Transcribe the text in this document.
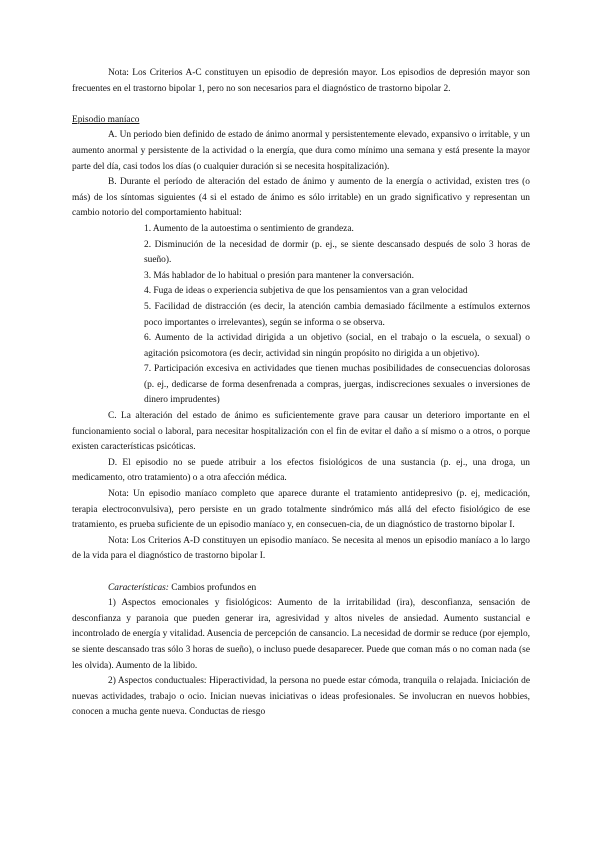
Nota: Los Criterios A-C constituyen un episodio de depresión mayor. Los episodios de depresión mayor son frecuentes en el trastorno bipolar 1, pero no son necesarios para el diagnóstico de trastorno bipolar 2.

Episodio maníaco

A. Un periodo bien definido de estado de ánimo anormal y persistentemente elevado, expansivo o irritable, y un aumento anormal y persistente de la actividad o la energía, que dura como mínimo una semana y está presente la mayor parte del día, casi todos los días (o cualquier duración si se necesita hospitalización).

B. Durante el período de alteración del estado de ánimo y aumento de la energía o actividad, existen tres (o más) de los síntomas siguientes (4 si el estado de ánimo es sólo irritable) en un grado significativo y representan un cambio notorio del comportamiento habitual:

1. Aumento de la autoestima o sentimiento de grandeza.

2. Disminución de la necesidad de dormir (p. ej., se siente descansado después de solo 3 horas de sueño).

3. Más hablador de lo habitual o presión para mantener la conversación.

4. Fuga de ideas o experiencia subjetiva de que los pensamientos van a gran velocidad

5. Facilidad de distracción (es decir, la atención cambia demasiado fácilmente a estímulos externos poco importantes o irrelevantes), según se informa o se observa.

6. Aumento de la actividad dirigida a un objetivo (social, en el trabajo o la escuela, o sexual) o agitación psicomotora (es decir, actividad sin ningún propósito no dirigida a un objetivo).

7. Participación excesiva en actividades que tienen muchas posibilidades de consecuencias dolorosas (p. ej., dedicarse de forma desenfrenada a compras, juergas, indiscreciones sexuales o inversiones de dinero imprudentes)

C. La alteración del estado de ánimo es suficientemente grave para causar un deterioro importante en el funcionamiento social o laboral, para necesitar hospitalización con el fin de evitar el daño a sí mismo o a otros, o porque existen características psicóticas.

D. El episodio no se puede atribuir a los efectos fisiológicos de una sustancia (p. ej., una droga, un medicamento, otro tratamiento) o a otra afección médica.

Nota: Un episodio maníaco completo que aparece durante el tratamiento antidepresivo (p. ej, medicación, terapia electroconvulsiva), pero persiste en un grado totalmente sindrómico más allá del efecto fisiológico de ese tratamiento, es prueba suficiente de un episodio maníaco y, en consecuen-cia, de un diagnóstico de trastorno bipolar I.

Nota: Los Criterios A-D constituyen un episodio maníaco. Se necesita al menos un episodio maníaco a lo largo de la vida para el diagnóstico de trastorno bipolar I.

Características: Cambios profundos en

1) Aspectos emocionales y fisiológicos: Aumento de la irritabilidad (ira), desconfianza, sensación de desconfianza y paranoia que pueden generar ira, agresividad y altos niveles de ansiedad. Aumento sustancial e incontrolado de energía y vitalidad. Ausencia de percepción de cansancio. La necesidad de dormir se reduce (por ejemplo, se siente descansado tras sólo 3 horas de sueño), o incluso puede desaparecer. Puede que coman más o no coman nada (se les olvida). Aumento de la libido.

2) Aspectos conductuales: Hiperactividad, la persona no puede estar cómoda, tranquila o relajada. Iniciación de nuevas actividades, trabajo o ocio. Inician nuevas iniciativas o ideas profesionales. Se involucran en nuevos hobbies, conocen a mucha gente nueva. Conductas de riesgo
